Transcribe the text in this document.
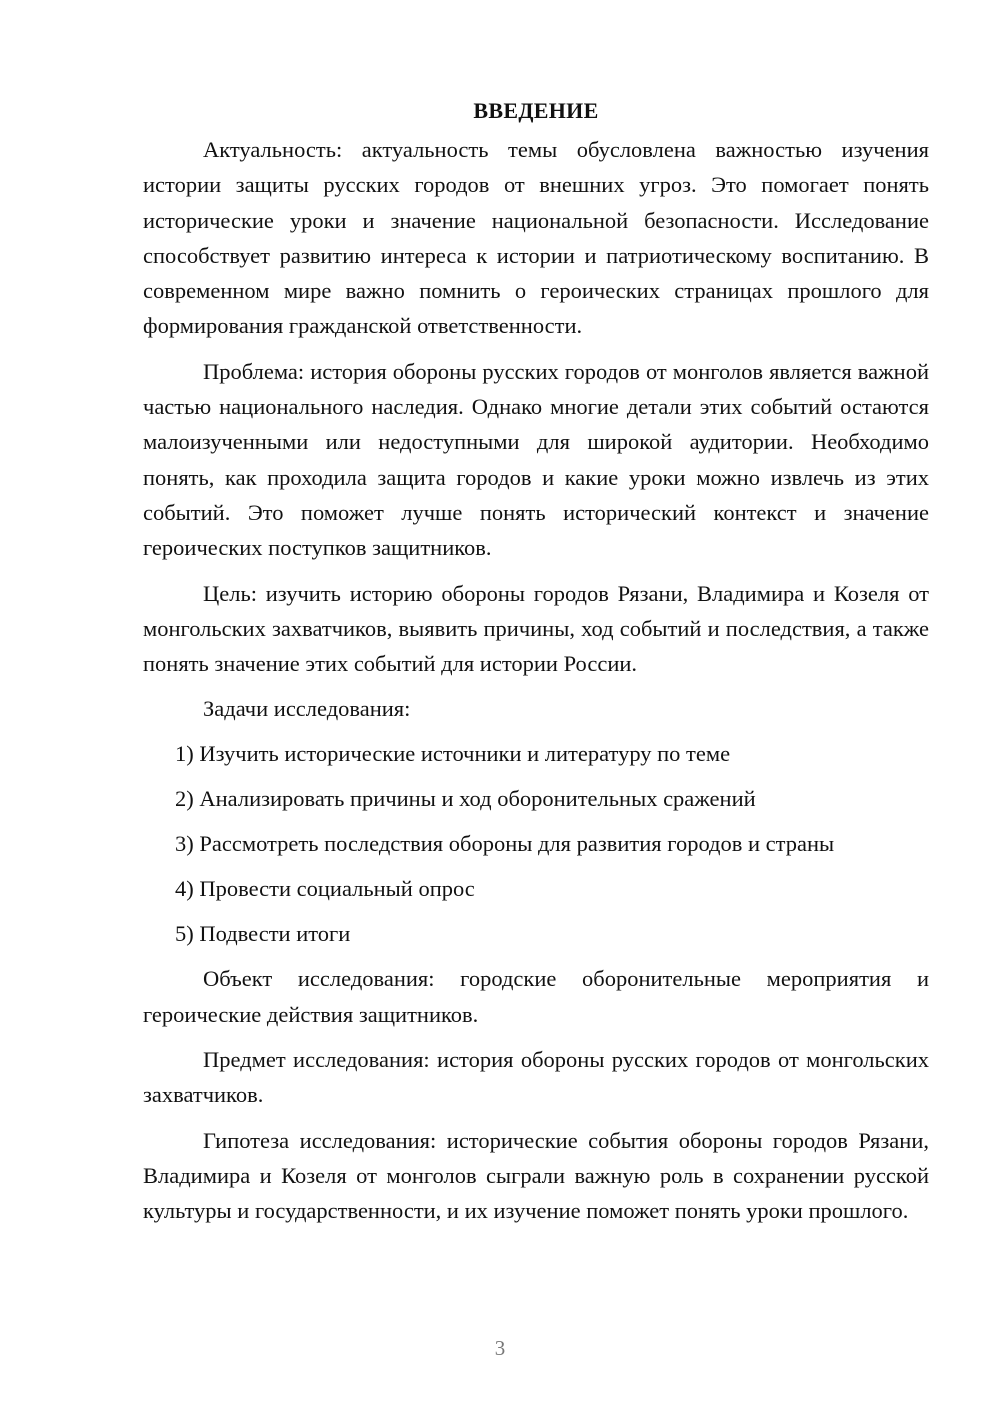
ВВЕДЕНИЕ

Актуальность: актуальность темы обусловлена важностью изучения истории защиты русских городов от внешних угроз. Это помогает понять исторические уроки и значение национальной безопасности. Исследование способствует развитию интереса к истории и патриотическому воспитанию. В современном мире важно помнить о героических страницах прошлого для формирования гражданской ответственности.

Проблема: история обороны русских городов от монголов является важной частью национального наследия. Однако многие детали этих событий остаются малоизученными или недоступными для широкой аудитории. Необходимо понять, как проходила защита городов и какие уроки можно извлечь из этих событий. Это поможет лучше понять исторический контекст и значение героических поступков защитников.

Цель: изучить историю обороны городов Рязани, Владимира и Козеля от монгольских захватчиков, выявить причины, ход событий и последствия, а также понять значение этих событий для истории России.

Задачи исследования:

1) Изучить исторические источники и литературу по теме

2) Анализировать причины и ход оборонительных сражений

3) Рассмотреть последствия обороны для развития городов и страны

4) Провести социальный опрос

5) Подвести итоги

Объект исследования: городские оборонительные мероприятия и героические действия защитников.

Предмет исследования: история обороны русских городов от монгольских захватчиков.

Гипотеза исследования: исторические события обороны городов Рязани, Владимира и Козеля от монголов сыграли важную роль в сохранении русской культуры и государственности, и их изучение поможет понять уроки прошлого.

3
